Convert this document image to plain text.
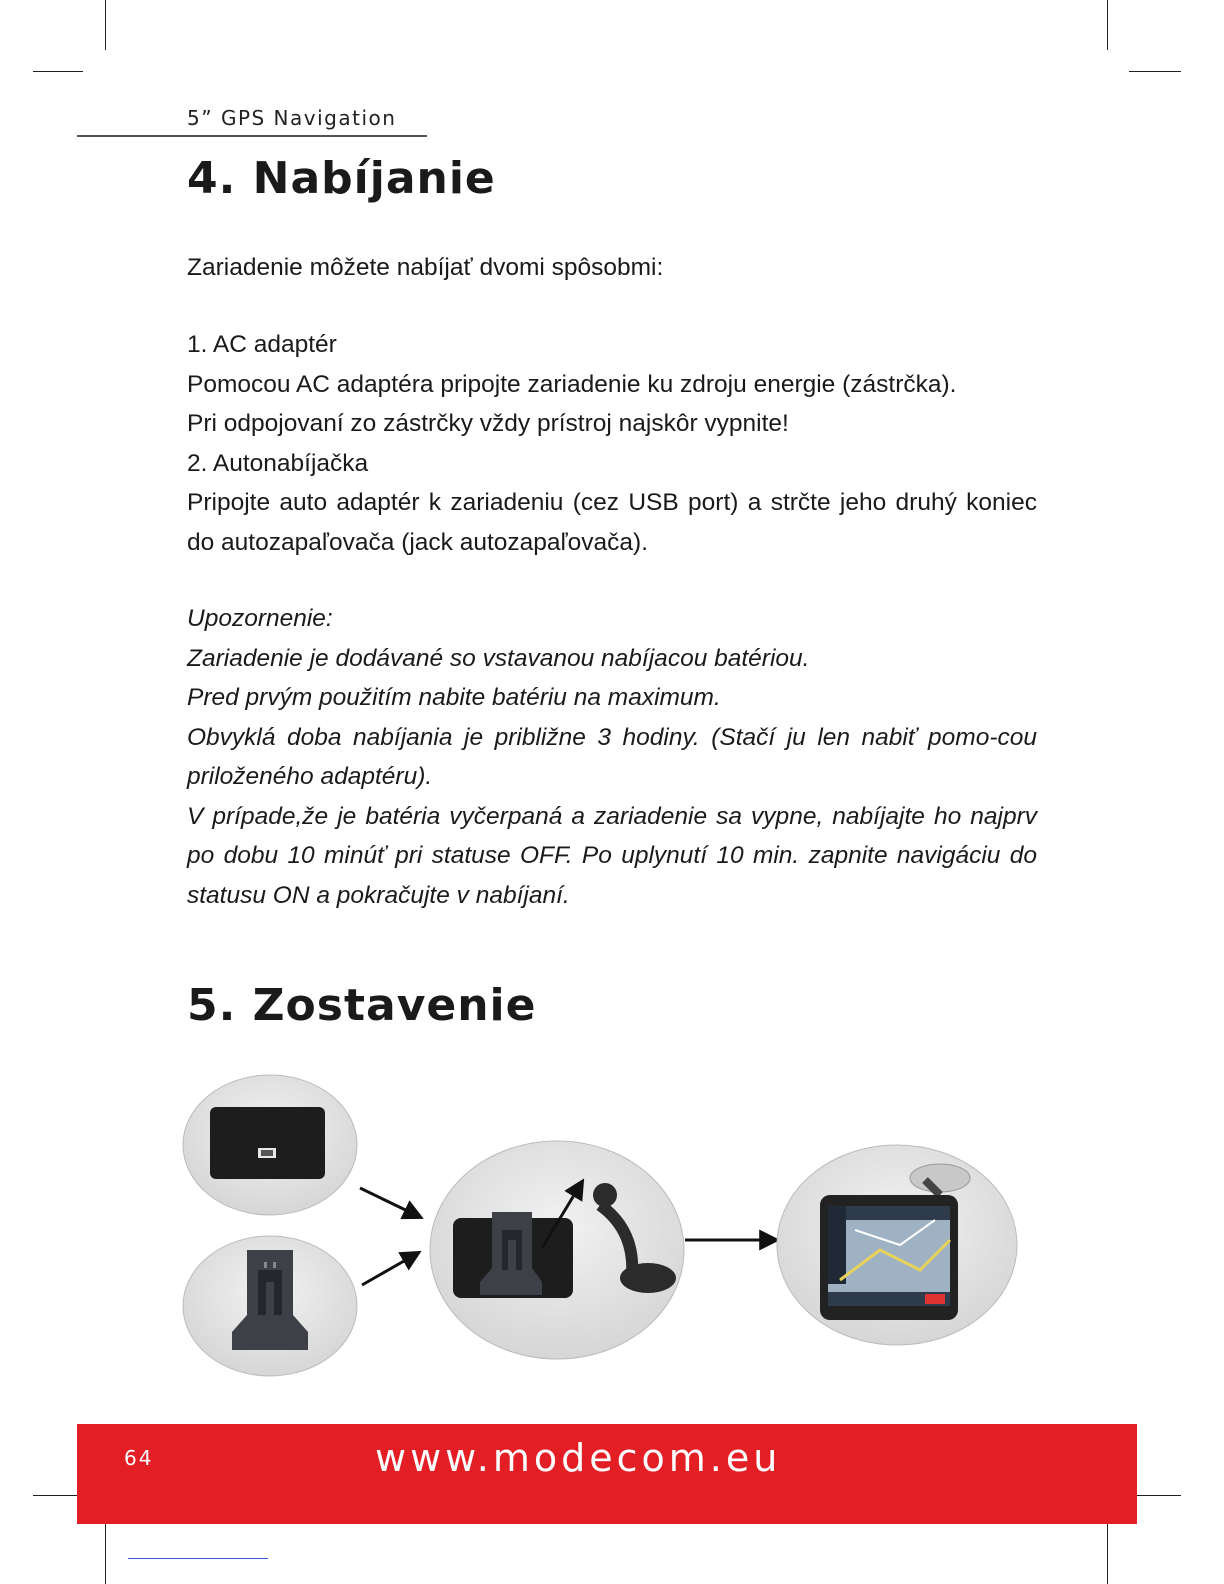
5” GPS Navigation
4. Nabíjanie

Zariadenie môžete nabíjať dvomi spôsobmi:

1. AC adaptér

Pomocou AC adaptéra pripojte zariadenie ku zdroju energie (zástrčka).

Pri odpojovaní zo zástrčky vždy prístroj najskôr vypnite!

2. Autonabíjačka

Pripojte auto adaptér k zariadeniu (cez USB port) a strčte jeho druhý koniec do autozapaľovača (jack autozapaľovača).

Upozornenie:

Zariadenie je dodávané so vstavanou nabíjacou batériou.

Pred prvým použitím nabite batériu na maximum.

Obvyklá doba nabíjania je približne 3 hodiny. (Stačí ju len nabiť pomo-cou priloženého adaptéru).

V prípade,že je batéria vyčerpaná a zariadenie sa vypne, nabíjajte ho najprv po dobu 10 minúť pri statuse OFF. Po uplynutí 10 min. zapnite navigáciu do statusu ON a pokračujte v nabíjaní.

5. Zostavenie
64	www.modecom.eu
